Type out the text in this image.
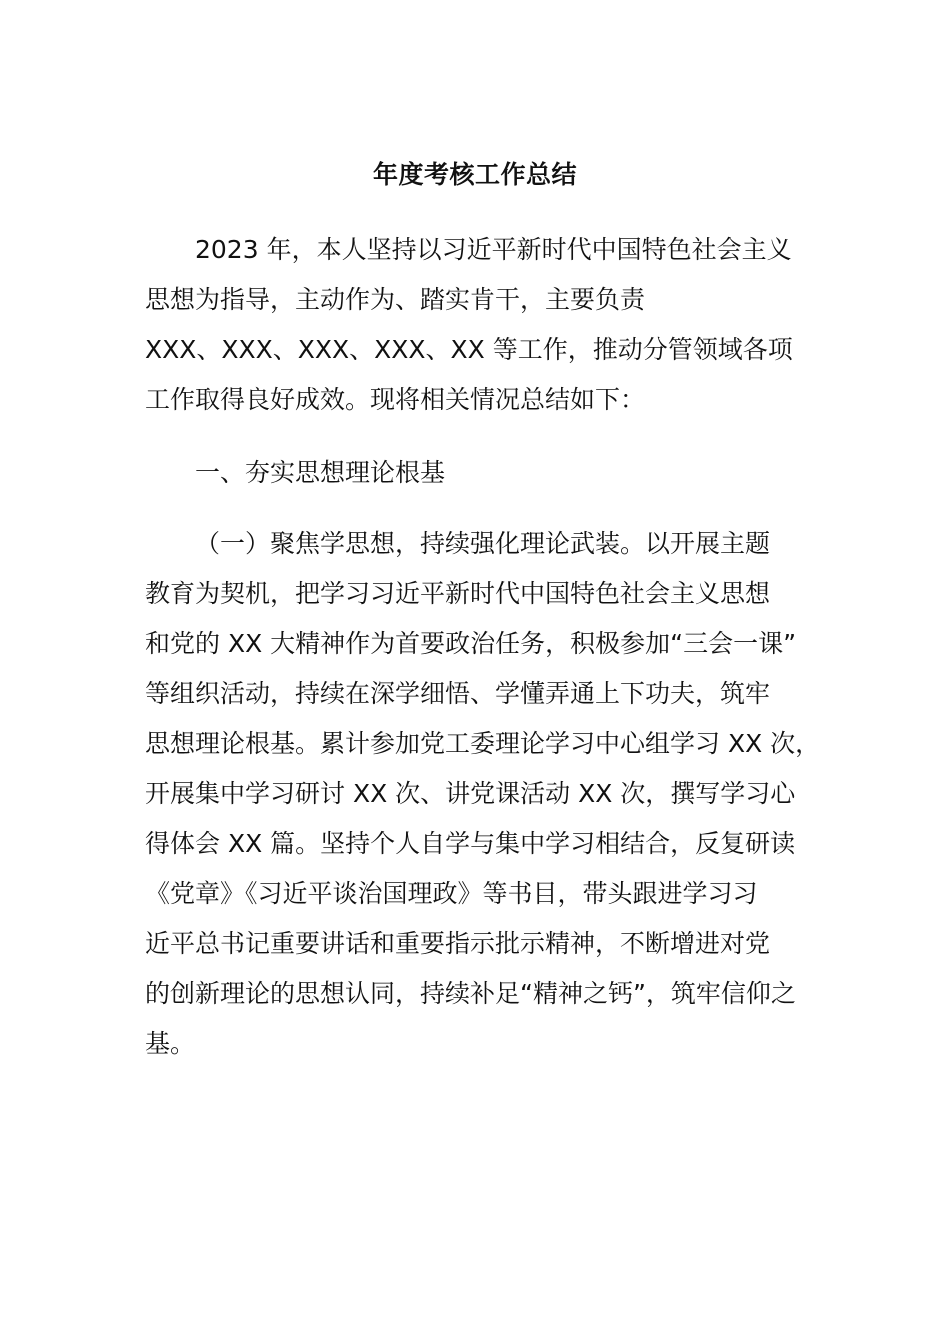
年度考核工作总结
2023 年，本人坚持以习近平新时代中国特色社会主义
思想为指导，主动作为、踏实肯干，主要负责
XXX、XXX、XXX、XXX、XX 等工作，推动分管领域各项
工作取得良好成效。现将相关情况总结如下：
一、夯实思想理论根基
（一）聚焦学思想，持续强化理论武装。以开展主题
教育为契机，把学习习近平新时代中国特色社会主义思想
和党的 XX 大精神作为首要政治任务，积极参加“三会一课”
等组织活动，持续在深学细悟、学懂弄通上下功夫，筑牢
思想理论根基。累计参加党工委理论学习中心组学习 XX 次，
开展集中学习研讨 XX 次、讲党课活动 XX 次，撰写学习心
得体会 XX 篇。坚持个人自学与集中学习相结合，反复研读
《党章》《习近平谈治国理政》等书目，带头跟进学习习
近平总书记重要讲话和重要指示批示精神，不断增进对党
的创新理论的思想认同，持续补足“精神之钙”，筑牢信仰之
基。
